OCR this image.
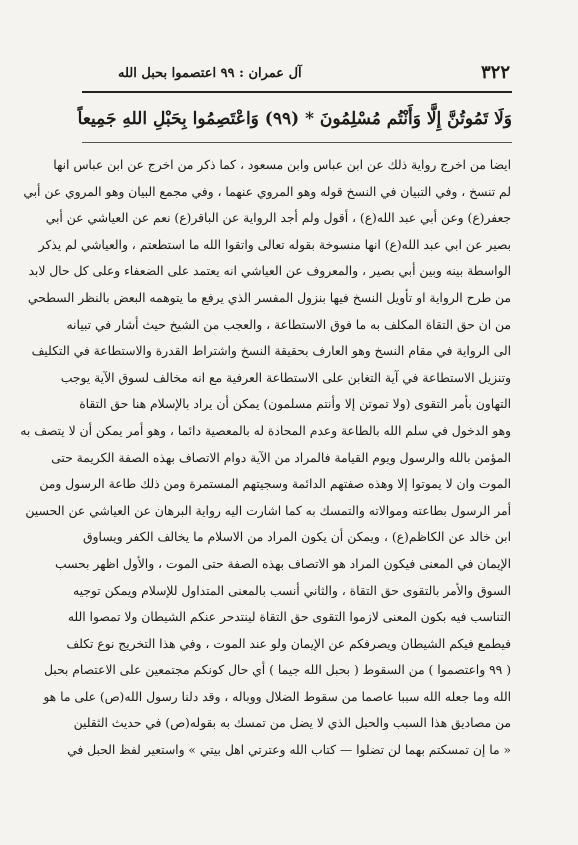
٣٢٢
آل عمران : ٩٩ اعتصموا بحبل الله
وَلَا تَمُوتُنَّ إِلَّا وَأَنْتُم مُسْلِمُونَ * (٩٩) وَاعْتَصِمُوا بِحَبْلِ اللهِ جَمِيعاً
ايضا من اخرج رواية ذلك عن ابن عباس وابن مسعود ، كما ذكر من اخرج عن ابن عباس انها
لم تنسخ ، وفي التبيان في النسخ قوله وهو المروي عنهما ، وفي مجمع البيان وهو المروي عن أبي
جعفر(ع) وعن أبي عبد الله(ع) ، أقول ولم أجد الرواية عن الباقر(ع) نعم عن العياشي عن أبي
بصير عن ابي عبد الله(ع) انها منسوخة بقوله تعالى واتقوا الله ما استطعتم ، والعياشي لم يذكر
الواسطة بينه وبين أبي بصير ، والمعروف عن العياشي انه يعتمد على الضعفاء وعلى كل حال لابد
من طرح الرواية او تأويل النسخ فيها بنزول المفسر الذي يرفع ما يتوهمه البعض بالنظر السطحي
من ان حق التقاة المكلف به ما فوق الاستطاعة ، والعجب من الشيخ حيث أشار في تبيانه
الى الرواية في مقام النسخ وهو العارف بحقيقة النسخ واشتراط القدرة والاستطاعة في التكليف
وتنزيل الاستطاعة في آية التغابن على الاستطاعة العرفية مع انه مخالف لسوق الآية يوجب
التهاون بأمر التقوى (ولا تموتن إلا وأنتم مسلمون) يمكن أن يراد بالإسلام هنا حق التقاة
وهو الدخول في سلم الله بالطاعة وعدم المحادة له بالمعصية دائما ، وهو أمر يمكن أن لا يتصف به
المؤمن بالله والرسول ويوم القيامة فالمراد من الآية دوام الاتصاف بهذه الصفة الكريمة حتى
الموت وان لا يموتوا إلا وهذه صفتهم الدائمة وسجيتهم المستمرة ومن ذلك طاعة الرسول ومن
أمر الرسول بطاعته وموالاته والتمسك به كما اشارت اليه رواية البرهان عن العياشي عن الحسين
ابن خالد عن الكاظم(ع) ، ويمكن أن يكون المراد من الاسلام ما يخالف الكفر ويساوق
الإيمان في المعنى فيكون المراد هو الاتصاف بهذه الصفة حتى الموت ، والأول اظهر بحسب
السوق والأمر بالتقوى حق التقاة ، والثاني أنسب بالمعنى المتداول للإسلام ويمكن توجيه
التناسب فيه بكون المعنى لازموا التقوى حق التقاة لينتدحر عنكم الشيطان ولا تمصوا الله
فيطمع فيكم الشيطان ويصرفكم عن الإيمان ولو عند الموت ، وفي هذا التخريج نوع تكلف
( ٩٩ واعتصموا ) من السقوط ( بحبل الله جيما ) أي حال كونكم مجتمعين على الاعتصام بحبل
الله وما جعله الله سببا عاصما من سقوط الضلال ووباله ، وقد دلنا رسول الله(ص) على ما هو
من مصاديق هذا السبب والحبل الذي لا يضل من تمسك به بقوله(ص) في حديث الثقلين
« ما إن تمسكتم بهما لن تضلوا — كتاب الله وعترتي اهل بيتي » واستعير لفظ الحبل في
